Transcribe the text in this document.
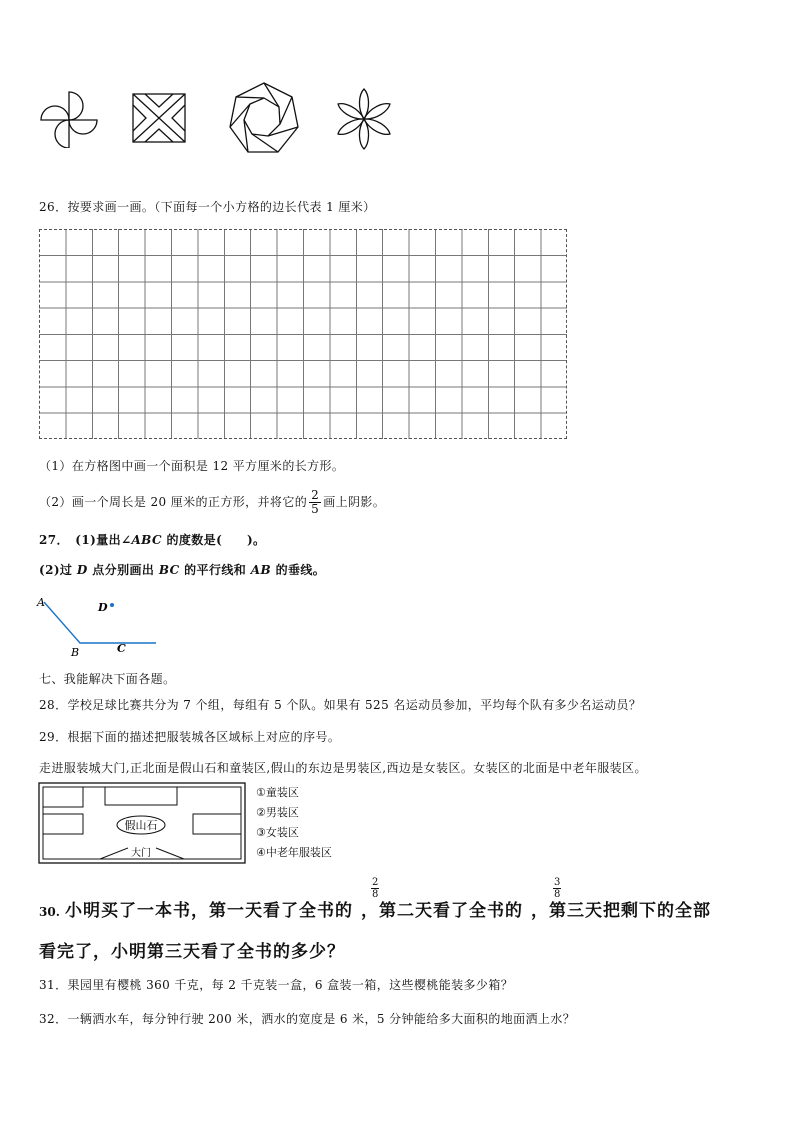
26．按要求画一画。（下面每一个小方格的边长代表 1 厘米）
（1）在方格图中画一个面积是 12 平方厘米的长方形。
（2）画一个周长是 20 厘米的正方形，并将它的 $\frac{2}{5}$ 画上阴影。
27．　(1)量出∠ABC 的度数是(　　)。
(2)过 D 点分别画出 BC 的平行线和 AB 的垂线。
A
B	C
D
七、我能解决下面各题。
28．学校足球比赛共分为 7 个组，每组有 5 个队。如果有 525 名运动员参加，平均每个队有多少名运动员？
29．根据下面的描述把服装城各区域标上对应的序号。
走进服装城大门,正北面是假山石和童装区,假山的东边是男装区,西边是女装区。女装区的北面是中老年服装区。
假山石
大门
①童装区
②男装区
③女装区
④中老年服装区
30. 小明买了一本书，第一天看了全书的 ，第二天看了全书的 ，第三天把剩下的全部
$\frac{2}{8}$	$\frac{3}{8}$
看完了，小明第三天看了全书的多少？
31．果园里有樱桃 360 千克，每 2 千克装一盒，6 盒装一箱，这些樱桃能装多少箱？
32．一辆洒水车，每分钟行驶 200 米，洒水的宽度是 6 米，5 分钟能给多大面积的地面洒上水？
